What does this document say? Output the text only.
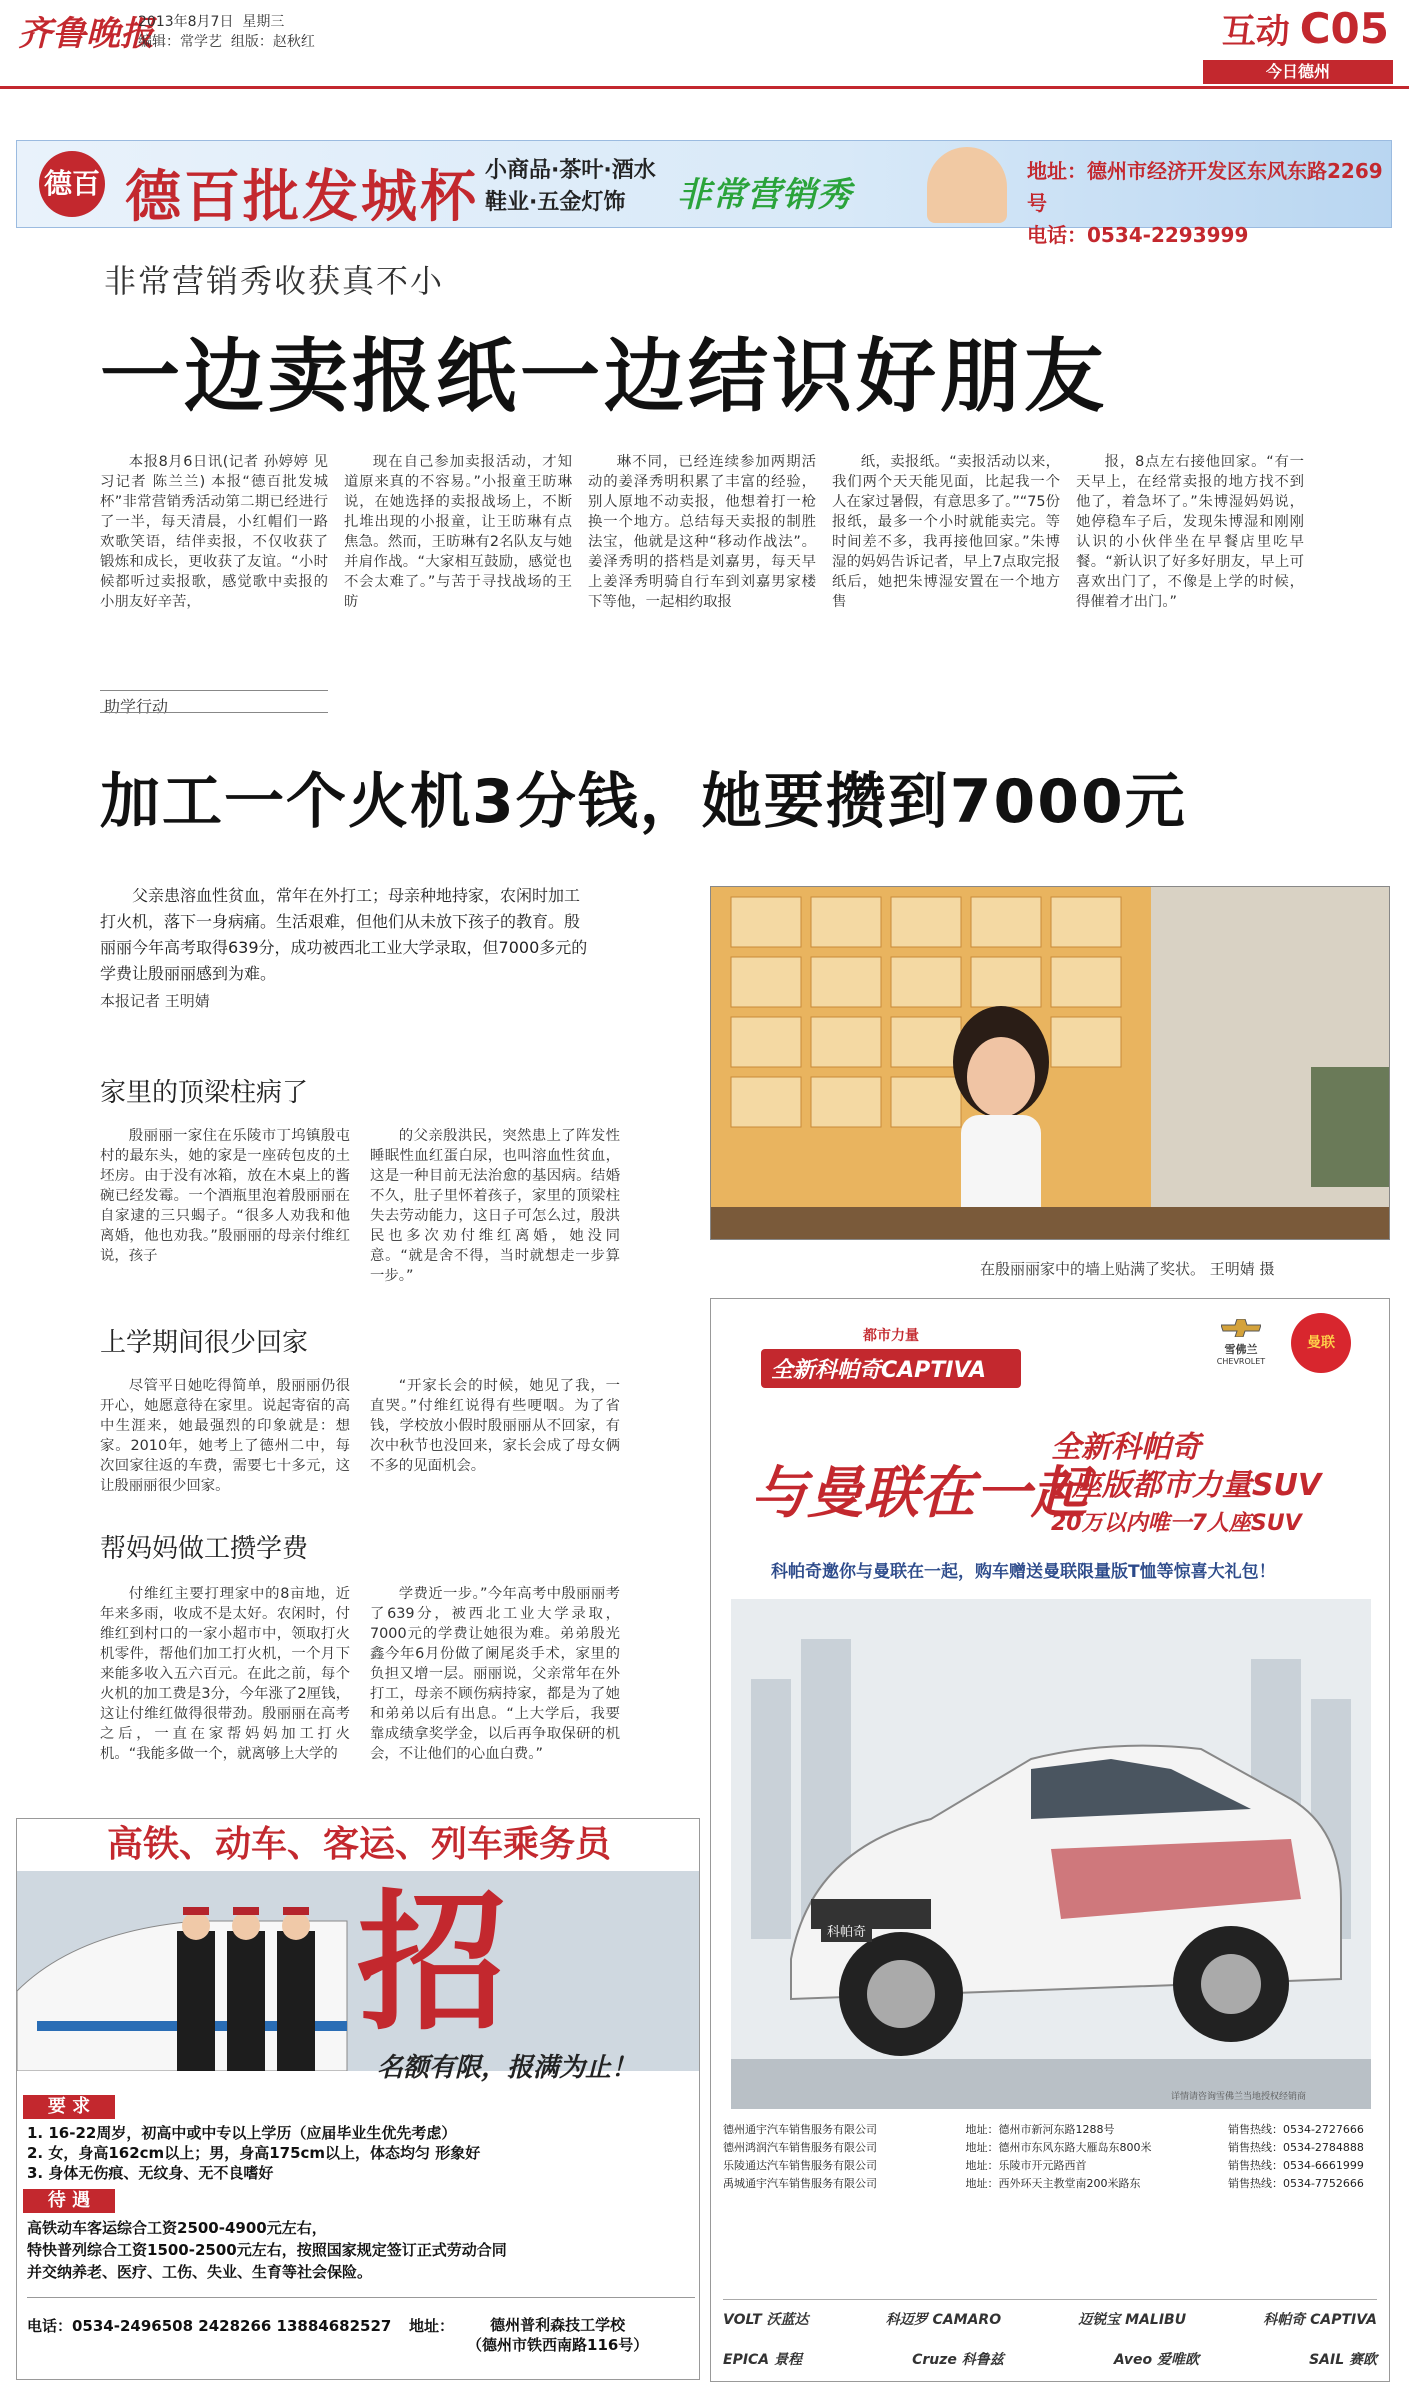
齐鲁晚报
2013年8月7日 星期三
编辑：常学艺 组版：赵秋红	互动 C05
今日德州
德百 德百批发城杯 小商品·茶叶·酒水
鞋业·五金灯饰	非常营销秀
地址：德州市经济开发区东风东路2269号
电话：0534-2293999
非常营销秀收获真不小
一边卖报纸一边结识好朋友

本报8月6日讯(记者 孙婷婷 见习记者 陈兰兰) 本报“德百批发城杯”非常营销秀活动第二期已经进行了一半，每天清晨，小红帽们一路欢歌笑语，结伴卖报，不仅收获了锻炼和成长，更收获了友谊。“小时候都听过卖报歌，感觉歌中卖报的小朋友好辛苦，

现在自己参加卖报活动，才知道原来真的不容易。”小报童王昉琳说，在她选择的卖报战场上，不断扎堆出现的小报童，让王昉琳有点焦急。然而，王昉琳有2名队友与她并肩作战。“大家相互鼓励，感觉也不会太难了。”与苦于寻找战场的王昉

琳不同，已经连续参加两期活动的姜泽秀明积累了丰富的经验，别人原地不动卖报，他想着打一枪换一个地方。总结每天卖报的制胜法宝，他就是这种“移动作战法”。姜泽秀明的搭档是刘嘉男，每天早上姜泽秀明骑自行车到刘嘉男家楼下等他，一起相约取报

纸，卖报纸。“卖报活动以来，我们两个天天能见面，比起我一个人在家过暑假，有意思多了。”“75份报纸，最多一个小时就能卖完。等时间差不多，我再接他回家。”朱博湿的妈妈告诉记者，早上7点取完报纸后，她把朱博湿安置在一个地方售

报，8点左右接他回家。“有一天早上，在经常卖报的地方找不到他了，着急坏了。”朱博湿妈妈说，她停稳车子后，发现朱博湿和刚刚认识的小伙伴坐在早餐店里吃早餐。“新认识了好多好朋友，早上可喜欢出门了，不像是上学的时候，得催着才出门。”

助学行动
加工一个火机3分钱，她要攒到7000元

父亲患溶血性贫血，常年在外打工；母亲种地持家，农闲时加工打火机，落下一身病痛。生活艰难，但他们从未放下孩子的教育。殷丽丽今年高考取得639分，成功被西北工业大学录取，但7000多元的学费让殷丽丽感到为难。

本报记者 王明婧
家里的顶梁柱病了

殷丽丽一家住在乐陵市丁坞镇殷屯村的最东头，她的家是一座砖包皮的土坯房。由于没有冰箱，放在木桌上的酱碗已经发霉。一个酒瓶里泡着殷丽丽在自家逮的三只蝎子。“很多人劝我和他离婚，他也劝我。”殷丽丽的母亲付维红说，孩子

的父亲殷洪民，突然患上了阵发性睡眠性血红蛋白尿，也叫溶血性贫血，这是一种目前无法治愈的基因病。结婚不久，肚子里怀着孩子，家里的顶梁柱失去劳动能力，这日子可怎么过，殷洪民也多次劝付维红离婚，她没同意。“就是舍不得，当时就想走一步算一步。”

上学期间很少回家

尽管平日她吃得简单，殷丽丽仍很开心，她愿意待在家里。说起寄宿的高中生涯来，她最强烈的印象就是：想家。2010年，她考上了德州二中，每次回家往返的车费，需要七十多元，这让殷丽丽很少回家。

“开家长会的时候，她见了我，一直哭。”付维红说得有些哽咽。为了省钱，学校放小假时殷丽丽从不回家，有次中秋节也没回来，家长会成了母女俩不多的见面机会。

帮妈妈做工攒学费

付维红主要打理家中的8亩地，近年来多雨，收成不是太好。农闲时，付维红到村口的一家小超市中，领取打火机零件，帮他们加工打火机，一个月下来能多收入五六百元。在此之前，每个火机的加工费是3分，今年涨了2厘钱，这让付维红做得很带劲。殷丽丽在高考之后，一直在家帮妈妈加工打火机。“我能多做一个，就离够上大学的

学费近一步。”今年高考中殷丽丽考了639分，被西北工业大学录取，7000元的学费让她很为难。弟弟殷光鑫今年6月份做了阑尾炎手术，家里的负担又增一层。丽丽说，父亲常年在外打工，母亲不顾伤病持家，都是为了她和弟弟以后有出息。“上大学后，我要靠成绩拿奖学金，以后再争取保研的机会，不让他们的心血白费。”

在殷丽丽家中的墙上贴满了奖状。 王明婧 摄
都市力量
全新科帕奇CAPTIVA
雪佛兰
CHEVROLET
曼联
与曼联在一起
全新科帕奇
7座版都市力量SUV
20万以内唯一7人座SUV
科帕奇邀你与曼联在一起，购车赠送曼联限量版T恤等惊喜大礼包！
科帕奇
详情请咨询雪佛兰当地授权经销商
德州通宇汽车销售服务有限公司	地址：德州市新河东路1288号	销售热线：0534-2727666
德州鸿润汽车销售服务有限公司	地址：德州市东风东路大雁岛东800米	销售热线：0534-2784888
乐陵通达汽车销售服务有限公司	地址：乐陵市开元路西首	销售热线：0534-6661999
禹城通宇汽车销售服务有限公司	地址：西外环天主教堂南200米路东	销售热线：0534-7752666
VOLT 沃蓝达	科迈罗 CAMARO	迈锐宝 MALIBU	科帕奇 CAPTIVA
EPICA 景程	Cruze 科鲁兹	Aveo 爱唯欧	SAIL 赛欧
高铁、动车、客运、列车乘务员
招
名额有限，报满为止！
要 求
1. 16-22周岁，初高中或中专以上学历（应届毕业生优先考虑）
2. 女，身高162cm以上；男，身高175cm以上，体态均匀 形象好
3. 身体无伤痕、无纹身、无不良嗜好
待 遇
高铁动车客运综合工资2500-4900元左右，
特快普列综合工资1500-2500元左右，按照国家规定签订正式劳动合同
并交纳养老、医疗、工伤、失业、生育等社会保险。
电话：0534-2496508 2428266 13884682527 地址：	德州普利森技工学校
（德州市铁西南路116号）
